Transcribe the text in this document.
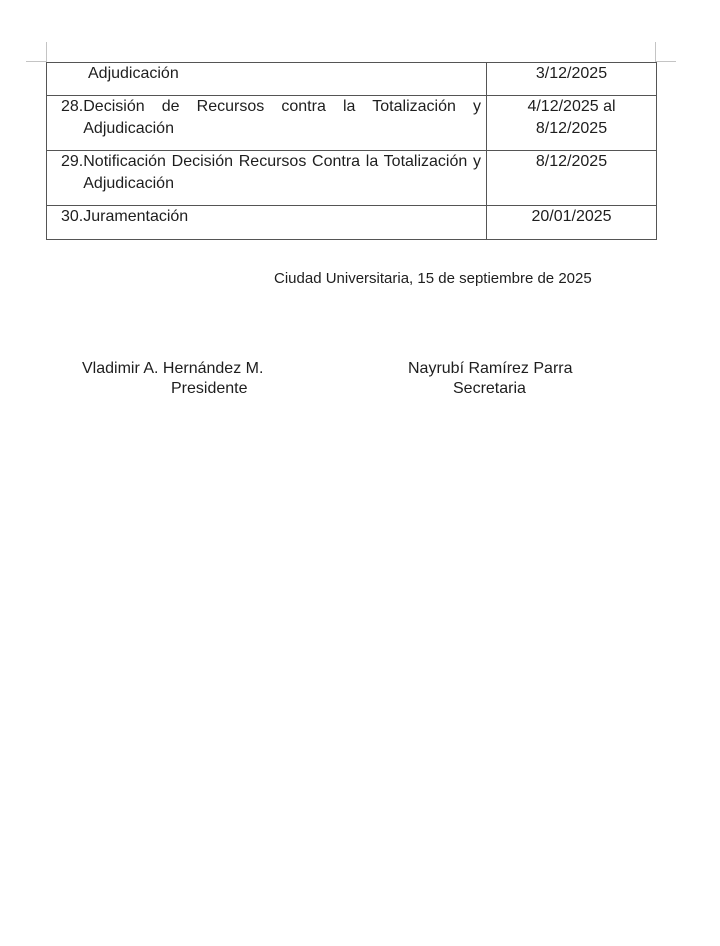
Adjudicación	3/12/2025

28. Decisión de Recursos contra la Totalización y Adjudicación	4/12/2025 al 8/12/2025

29. Notificación Decisión Recursos Contra la Totalización y Adjudicación	8/12/2025

30. Juramentación	20/01/2025
Ciudad Universitaria, 15 de septiembre de 2025
Vladimir A. Hernández M.
Presidente
Nayrubí Ramírez Parra
Secretaria
